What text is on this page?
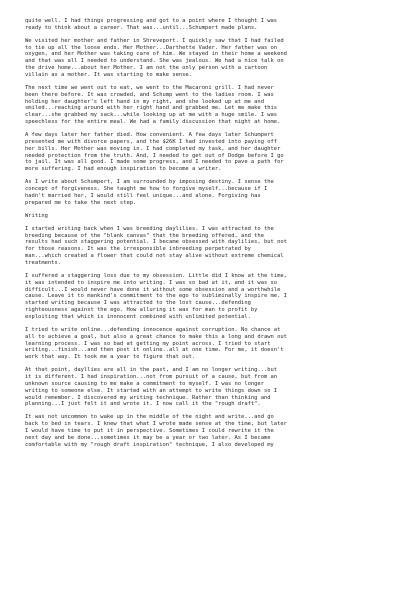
quite well. I had things progressing and got to a point where I thought I was
ready to think about a career. That was...until...Schumpert made plans.

We visited her mother and father in Shreveport. I quickly saw that I had failed
to tie up all the loose ends. Her Mother...Darthette Vader. Her father was on
oxygen, and her Mother was taking care of him. We stayed in their home a weekend
and that was all I needed to understand. She was jealous. We had a nice talk on
the drive home...about her Mother. I am not the only person with a cartoon
villain as a mother. It was starting to make sense.

The next time we went out to eat, we went to the Macaroni grill. I had never
been there before. It was crowded, and Schump went to the ladies room. I was
holding her daughter's left hand in my right, and she looked up at me and
smiled...reaching around with her right hand and grabbed me. Let me make this
clear...she grabbed my sack...while looking up at me with a huge smile. I was
speechless for the entire meal. We had a family discussion that night at home.

A few days later her father died. How convenient. A few days later Schumpert
presented me with divorce papers, and the $26K I had invested into paying off
her bills. Her Mother was moving in. I had completed my task, and her daughter
needed protection from the truth. And, I needed to get out of Dodge before I go
to jail. It was all good. I made some progress, and I needed to pave a path for
more suffering. I had enough inspiration to become a writer.

As I write about Schumpert, I am surrounded by imposing destiny. I sense the
concept of forgiveness. She taught me how to forgive myself...because if I
hadn't married her, I would still feel unique...and alone. Forgiving has
prepared me to take the next step.

Writing

I started writing back when I was breeding daylilies. I was attracted to the
breeding because of the "blank canvas" that the breeding offered, and the
results had such staggering potential. I became obsessed with daylilies, but not
for those reasons. It was the irresponsible inbreeding perpetrated by
man...which created a flower that could not stay alive without extreme chemical
treatments.

I suffered a staggering loss due to my obsession. Little did I know at the time,
it was intended to inspire me into writing. I was so bad at it, and it was so
difficult...I would never have done it without some obsession and a worthwhile
cause. Leave it to mankind's commitment to the ego to subliminally inspire me. I
started writing because I was attracted to the lost cause...defending
righteousness against the ego. How alluring it was for man to profit by
exploiting that which is innnocent combined with unlimited potential.

I tried to write online...defending innocence against corruption. No chance at
all to achieve a goal, but also a great chance to make this a long and drawn out
learning process. I was so bad at getting my point across. I tried to start
writing...finish...and then post it online..all at one time. For me, it doesn't
work that way. It took me a year to figure that out.

At that point, dayllies are all in the past, and I am no longer writing...but
it is different. I had inspiration...not from pursuit of a cause, but from an
unknown source causing to me make a commitment to myself. I was no longer
writing to someone else. It started with an attempt to write things down so I
would remember. I discovered my writing technique. Rather than thinking and
planning...I just felt it and wrote it. I now call it the "rough draft".

It was not uncommon to wake up in the middle of the night and write...and go
back to bed in tears. I knew that what I wrote made sense at the time, but later
I would have time to put it in perspective. Sometimes I could rewrite it the
next day and be done...sometimes it may be a year or two later. As I became
comfortable with my "rough draft inspiration" technique, I also developed my
